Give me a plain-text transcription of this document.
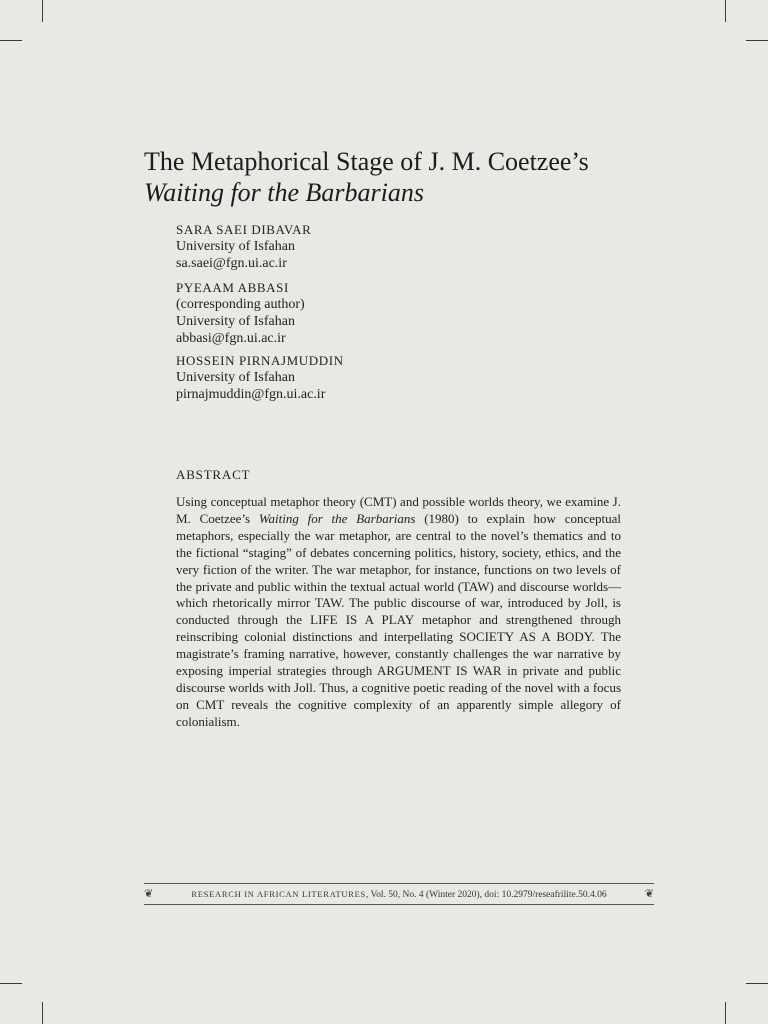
The Metaphorical Stage of J. M. Coetzee’s
Waiting for the Barbarians
SARA SAEI DIBAVAR
University of Isfahan
sa.saei@fgn.ui.ac.ir
PYEAAM ABBASI
(corresponding author)
University of Isfahan
abbasi@fgn.ui.ac.ir
HOSSEIN PIRNAJMUDDIN
University of Isfahan
pirnajmuddin@fgn.ui.ac.ir
ABSTRACT

Using conceptual metaphor theory (CMT) and possible worlds theory, we examine J. M. Coetzee’s Waiting for the Barbarians (1980) to explain how conceptual metaphors, especially the war metaphor, are central to the novel’s thematics and to the fictional “staging” of debates concerning politics, history, society, ethics, and the very fiction of the writer. The war metaphor, for instance, functions on two levels of the private and public within the textual actual world (TAW) and discourse worlds—which rhetorically mirror TAW. The public discourse of war, introduced by Joll, is conducted through the LIFE IS A PLAY metaphor and strengthened through reinscribing colonial distinctions and interpellating SOCIETY AS A BODY. The magistrate’s framing narrative, however, constantly challenges the war narrative by exposing imperial strategies through ARGUMENT IS WAR in private and public discourse worlds with Joll. Thus, a cognitive poetic reading of the novel with a focus on CMT reveals the cognitive complexity of an apparently simple allegory of colonialism.

❦	RESEARCH IN AFRICAN LITERATURES, Vol. 50, No. 4 (Winter 2020), doi: 10.2979/reseafrilite.50.4.06	❦
